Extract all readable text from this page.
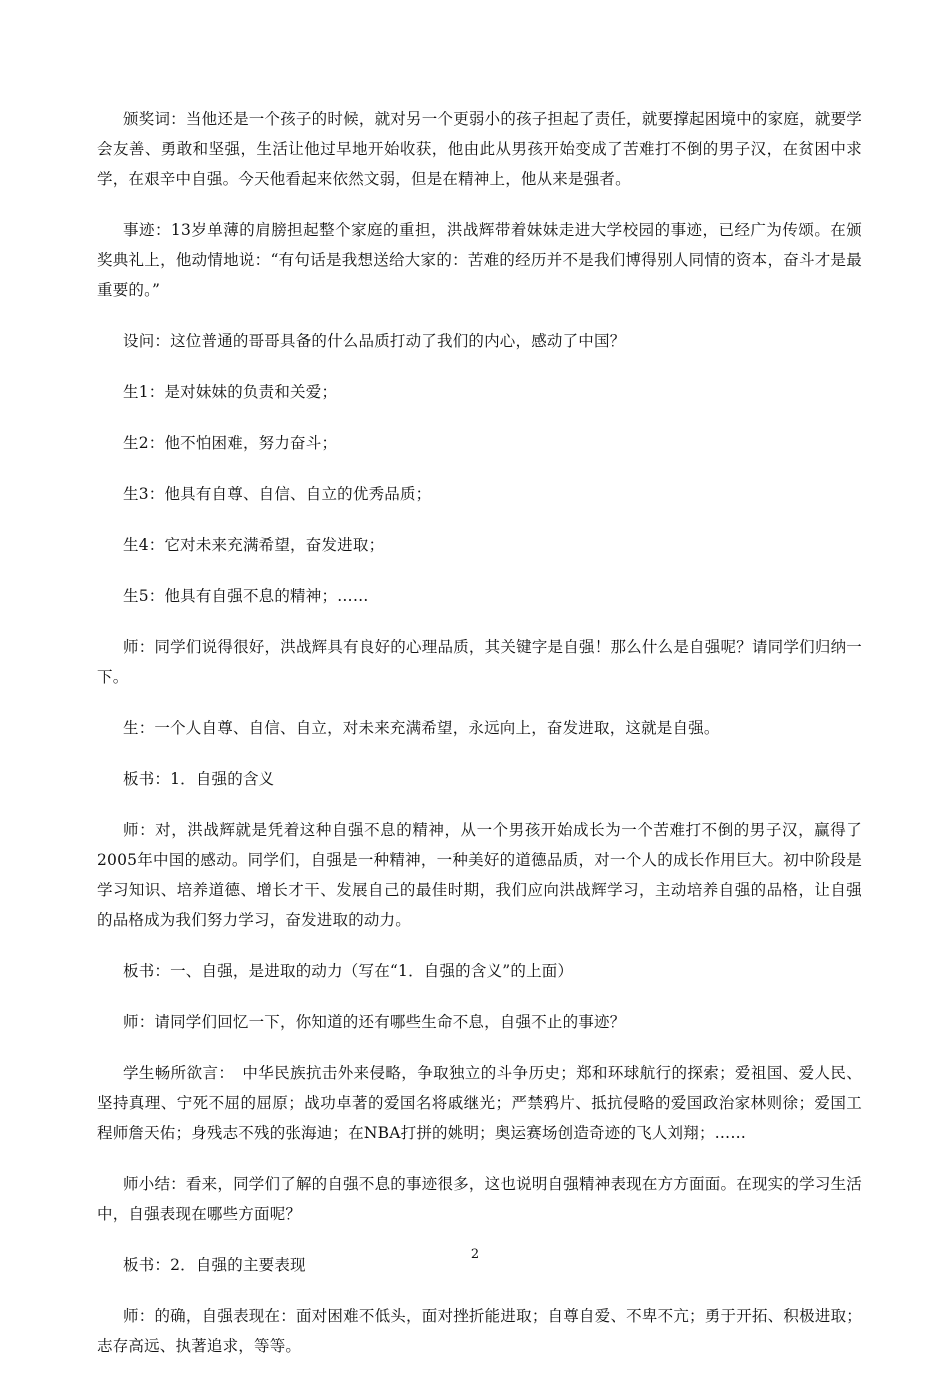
颁奖词：当他还是一个孩子的时候，就对另一个更弱小的孩子担起了责任，就要撑起困境中的家庭，就要学会友善、勇敢和坚强，生活让他过早地开始收获，他由此从男孩开始变成了苦难打不倒的男子汉，在贫困中求学，在艰辛中自强。今天他看起来依然文弱，但是在精神上，他从来是强者。

事迹：13岁单薄的肩膀担起整个家庭的重担，洪战辉带着妹妹走进大学校园的事迹，已经广为传颂。在颁奖典礼上，他动情地说：“有句话是我想送给大家的：苦难的经历并不是我们博得别人同情的资本，奋斗才是最重要的。”

设问：这位普通的哥哥具备的什么品质打动了我们的内心，感动了中国？

生1：是对妹妹的负责和关爱；

生2：他不怕困难，努力奋斗；

生3：他具有自尊、自信、自立的优秀品质；

生4：它对未来充满希望，奋发进取；

生5：他具有自强不息的精神；……

师：同学们说得很好，洪战辉具有良好的心理品质，其关键字是自强！那么什么是自强呢？请同学们归纳一下。

生：一个人自尊、自信、自立，对未来充满希望，永远向上，奋发进取，这就是自强。

板书：1．自强的含义

师：对，洪战辉就是凭着这种自强不息的精神，从一个男孩开始成长为一个苦难打不倒的男子汉，赢得了2005年中国的感动。同学们，自强是一种精神，一种美好的道德品质，对一个人的成长作用巨大。初中阶段是学习知识、培养道德、增长才干、发展自己的最佳时期，我们应向洪战辉学习，主动培养自强的品格，让自强的品格成为我们努力学习，奋发进取的动力。

板书：一、自强，是进取的动力（写在“1．自强的含义”的上面）

师：请同学们回忆一下，你知道的还有哪些生命不息，自强不止的事迹？

学生畅所欲言：　中华民族抗击外来侵略，争取独立的斗争历史；郑和环球航行的探索；爱祖国、爱人民、坚持真理、宁死不屈的屈原；战功卓著的爱国名将戚继光；严禁鸦片、抵抗侵略的爱国政治家林则徐；爱国工程师詹天佑；身残志不残的张海迪；在NBA打拼的姚明；奥运赛场创造奇迹的飞人刘翔；……

师小结：看来，同学们了解的自强不息的事迹很多，这也说明自强精神表现在方方面面。在现实的学习生活中，自强表现在哪些方面呢？

板书：2．自强的主要表现

师：的确，自强表现在：面对困难不低头，面对挫折能进取；自尊自爱、不卑不亢；勇于开拓、积极进取；志存高远、执著追求，等等。

2
